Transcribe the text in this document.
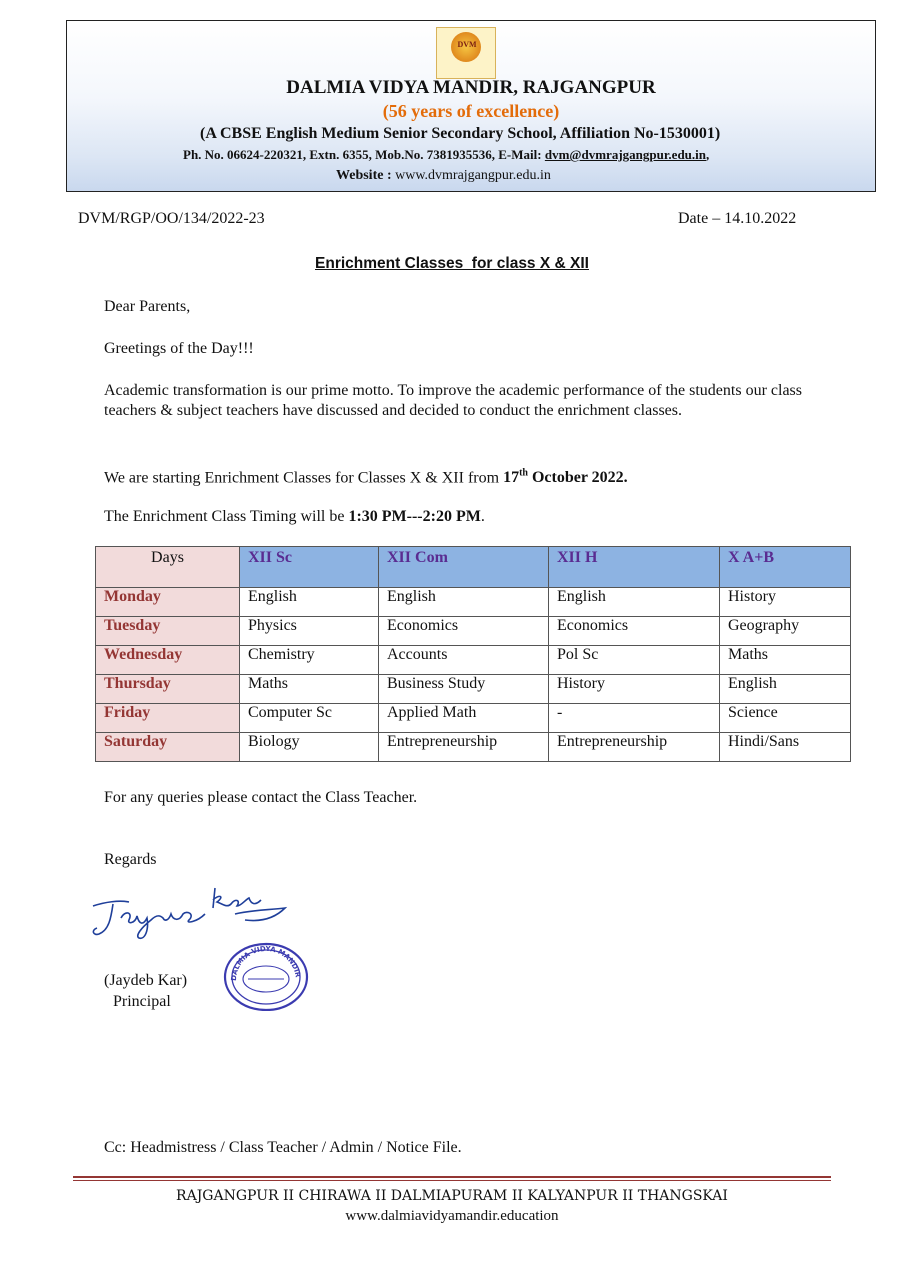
DVM
DALMIA VIDYA MANDIR, RAJGANGPUR
(56 years of excellence)
(A CBSE English Medium Senior Secondary School, Affiliation No-1530001)
Ph. No. 06624-220321, Extn. 6355, Mob.No. 7381935536, E-Mail: dvm@dvmrajgangpur.edu.in,
Website : www.dvmrajgangpur.edu.in
DVM/RGP/OO/134/2022-23	Date – 14.10.2022
Enrichment Classes  for class X & XII
Dear Parents,
Greetings of the Day!!!
Academic transformation is our prime motto. To improve the academic performance of the students our class teachers & subject teachers have discussed and decided to conduct the enrichment classes.
We are starting Enrichment Classes for Classes X & XII from 17th October 2022.
The Enrichment Class Timing will be 1:30 PM---2:20 PM.
Days	XII Sc	XII Com	XII H	X A+B
Monday	English	English	English	History
Tuesday	Physics	Economics	Economics	Geography
Wednesday	Chemistry	Accounts	Pol Sc	Maths
Thursday	Maths	Business Study	History	English
Friday	Computer Sc	Applied Math	-	Science
Saturday	Biology	Entrepreneurship	Entrepreneurship	Hindi/Sans
For any queries please contact the Class Teacher.
Regards
(Jaydeb Kar)
Principal
DALMIA VIDYA MANDIR
Cc: Headmistress / Class Teacher / Admin / Notice File.
RAJGANGPUR II CHIRAWA II DALMIAPURAM II KALYANPUR II THANGSKAI
www.dalmiavidyamandir.education
